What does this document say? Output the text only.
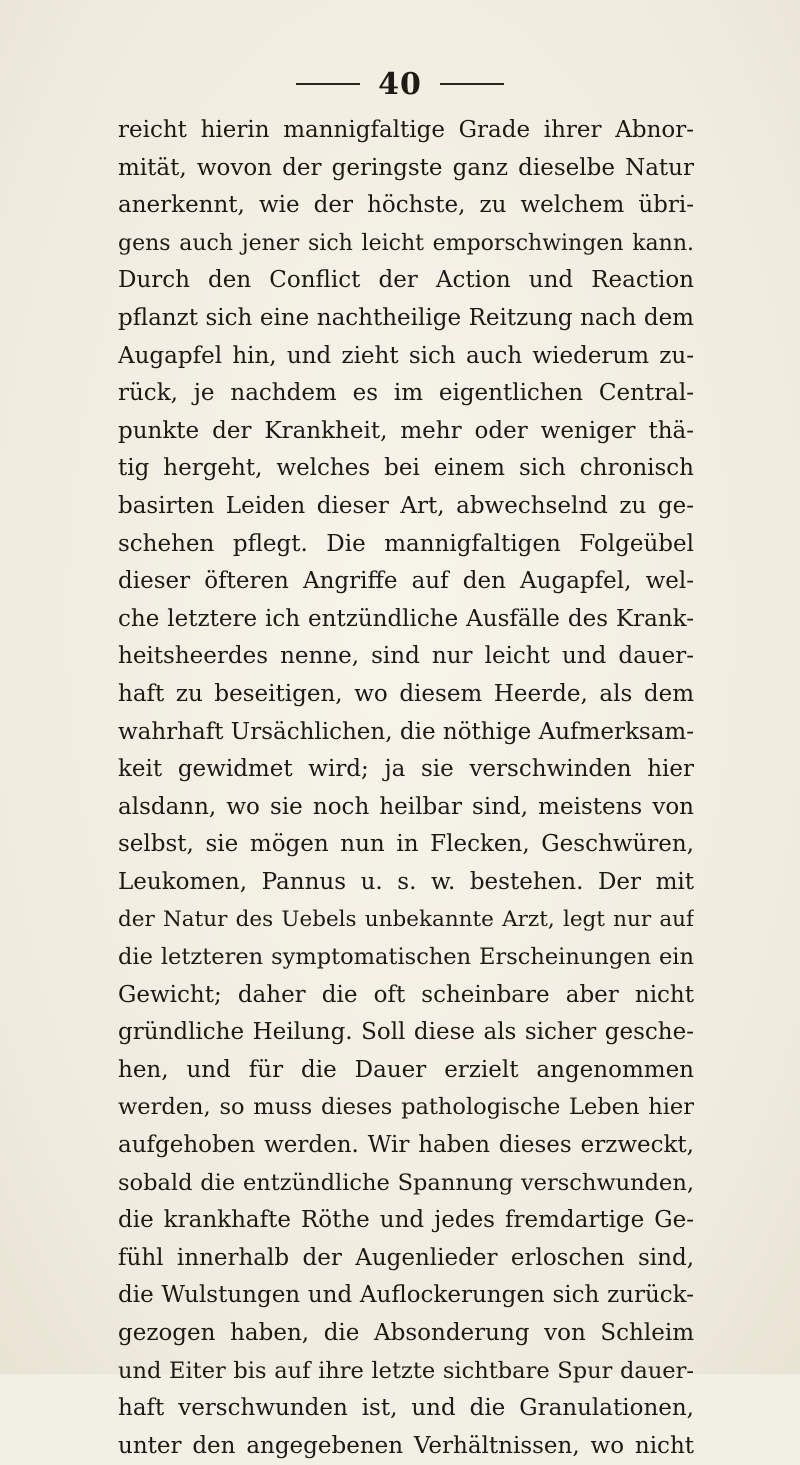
40
reicht hierin mannigfaltige Grade ihrer Abnor-
mität, wovon der geringste ganz dieselbe Natur
anerkennt, wie der höchste, zu welchem übri-
gens auch jener sich leicht emporschwingen kann.
Durch den Conflict der Action und Reaction
pflanzt sich eine nachtheilige Reitzung nach dem
Augapfel hin, und zieht sich auch wiederum zu-
rück, je nachdem es im eigentlichen Central-
punkte der Krankheit, mehr oder weniger thä-
tig hergeht, welches bei einem sich chronisch
basirten Leiden dieser Art, abwechselnd zu ge-
schehen pflegt. Die mannigfaltigen Folgeübel
dieser öfteren Angriffe auf den Augapfel, wel-
che letztere ich entzündliche Ausfälle des Krank-
heitsheerdes nenne, sind nur leicht und dauer-
haft zu beseitigen, wo diesem Heerde, als dem
wahrhaft Ursächlichen, die nöthige Aufmerksam-
keit gewidmet wird; ja sie verschwinden hier
alsdann, wo sie noch heilbar sind, meistens von
selbst, sie mögen nun in Flecken, Geschwüren,
Leukomen, Pannus u. s. w. bestehen. Der mit
der Natur des Uebels unbekannte Arzt, legt nur auf
die letzteren symptomatischen Erscheinungen ein
Gewicht; daher die oft scheinbare aber nicht
gründliche Heilung. Soll diese als sicher gesche-
hen, und für die Dauer erzielt angenommen
werden, so muss dieses pathologische Leben hier
aufgehoben werden. Wir haben dieses erzweckt,
sobald die entzündliche Spannung verschwunden,
die krankhafte Röthe und jedes fremdartige Ge-
fühl innerhalb der Augenlieder erloschen sind,
die Wulstungen und Auflockerungen sich zurück-
gezogen haben, die Absonderung von Schleim
und Eiter bis auf ihre letzte sichtbare Spur dauer-
haft verschwunden ist, und die Granulationen,
unter den angegebenen Verhältnissen, wo nicht
